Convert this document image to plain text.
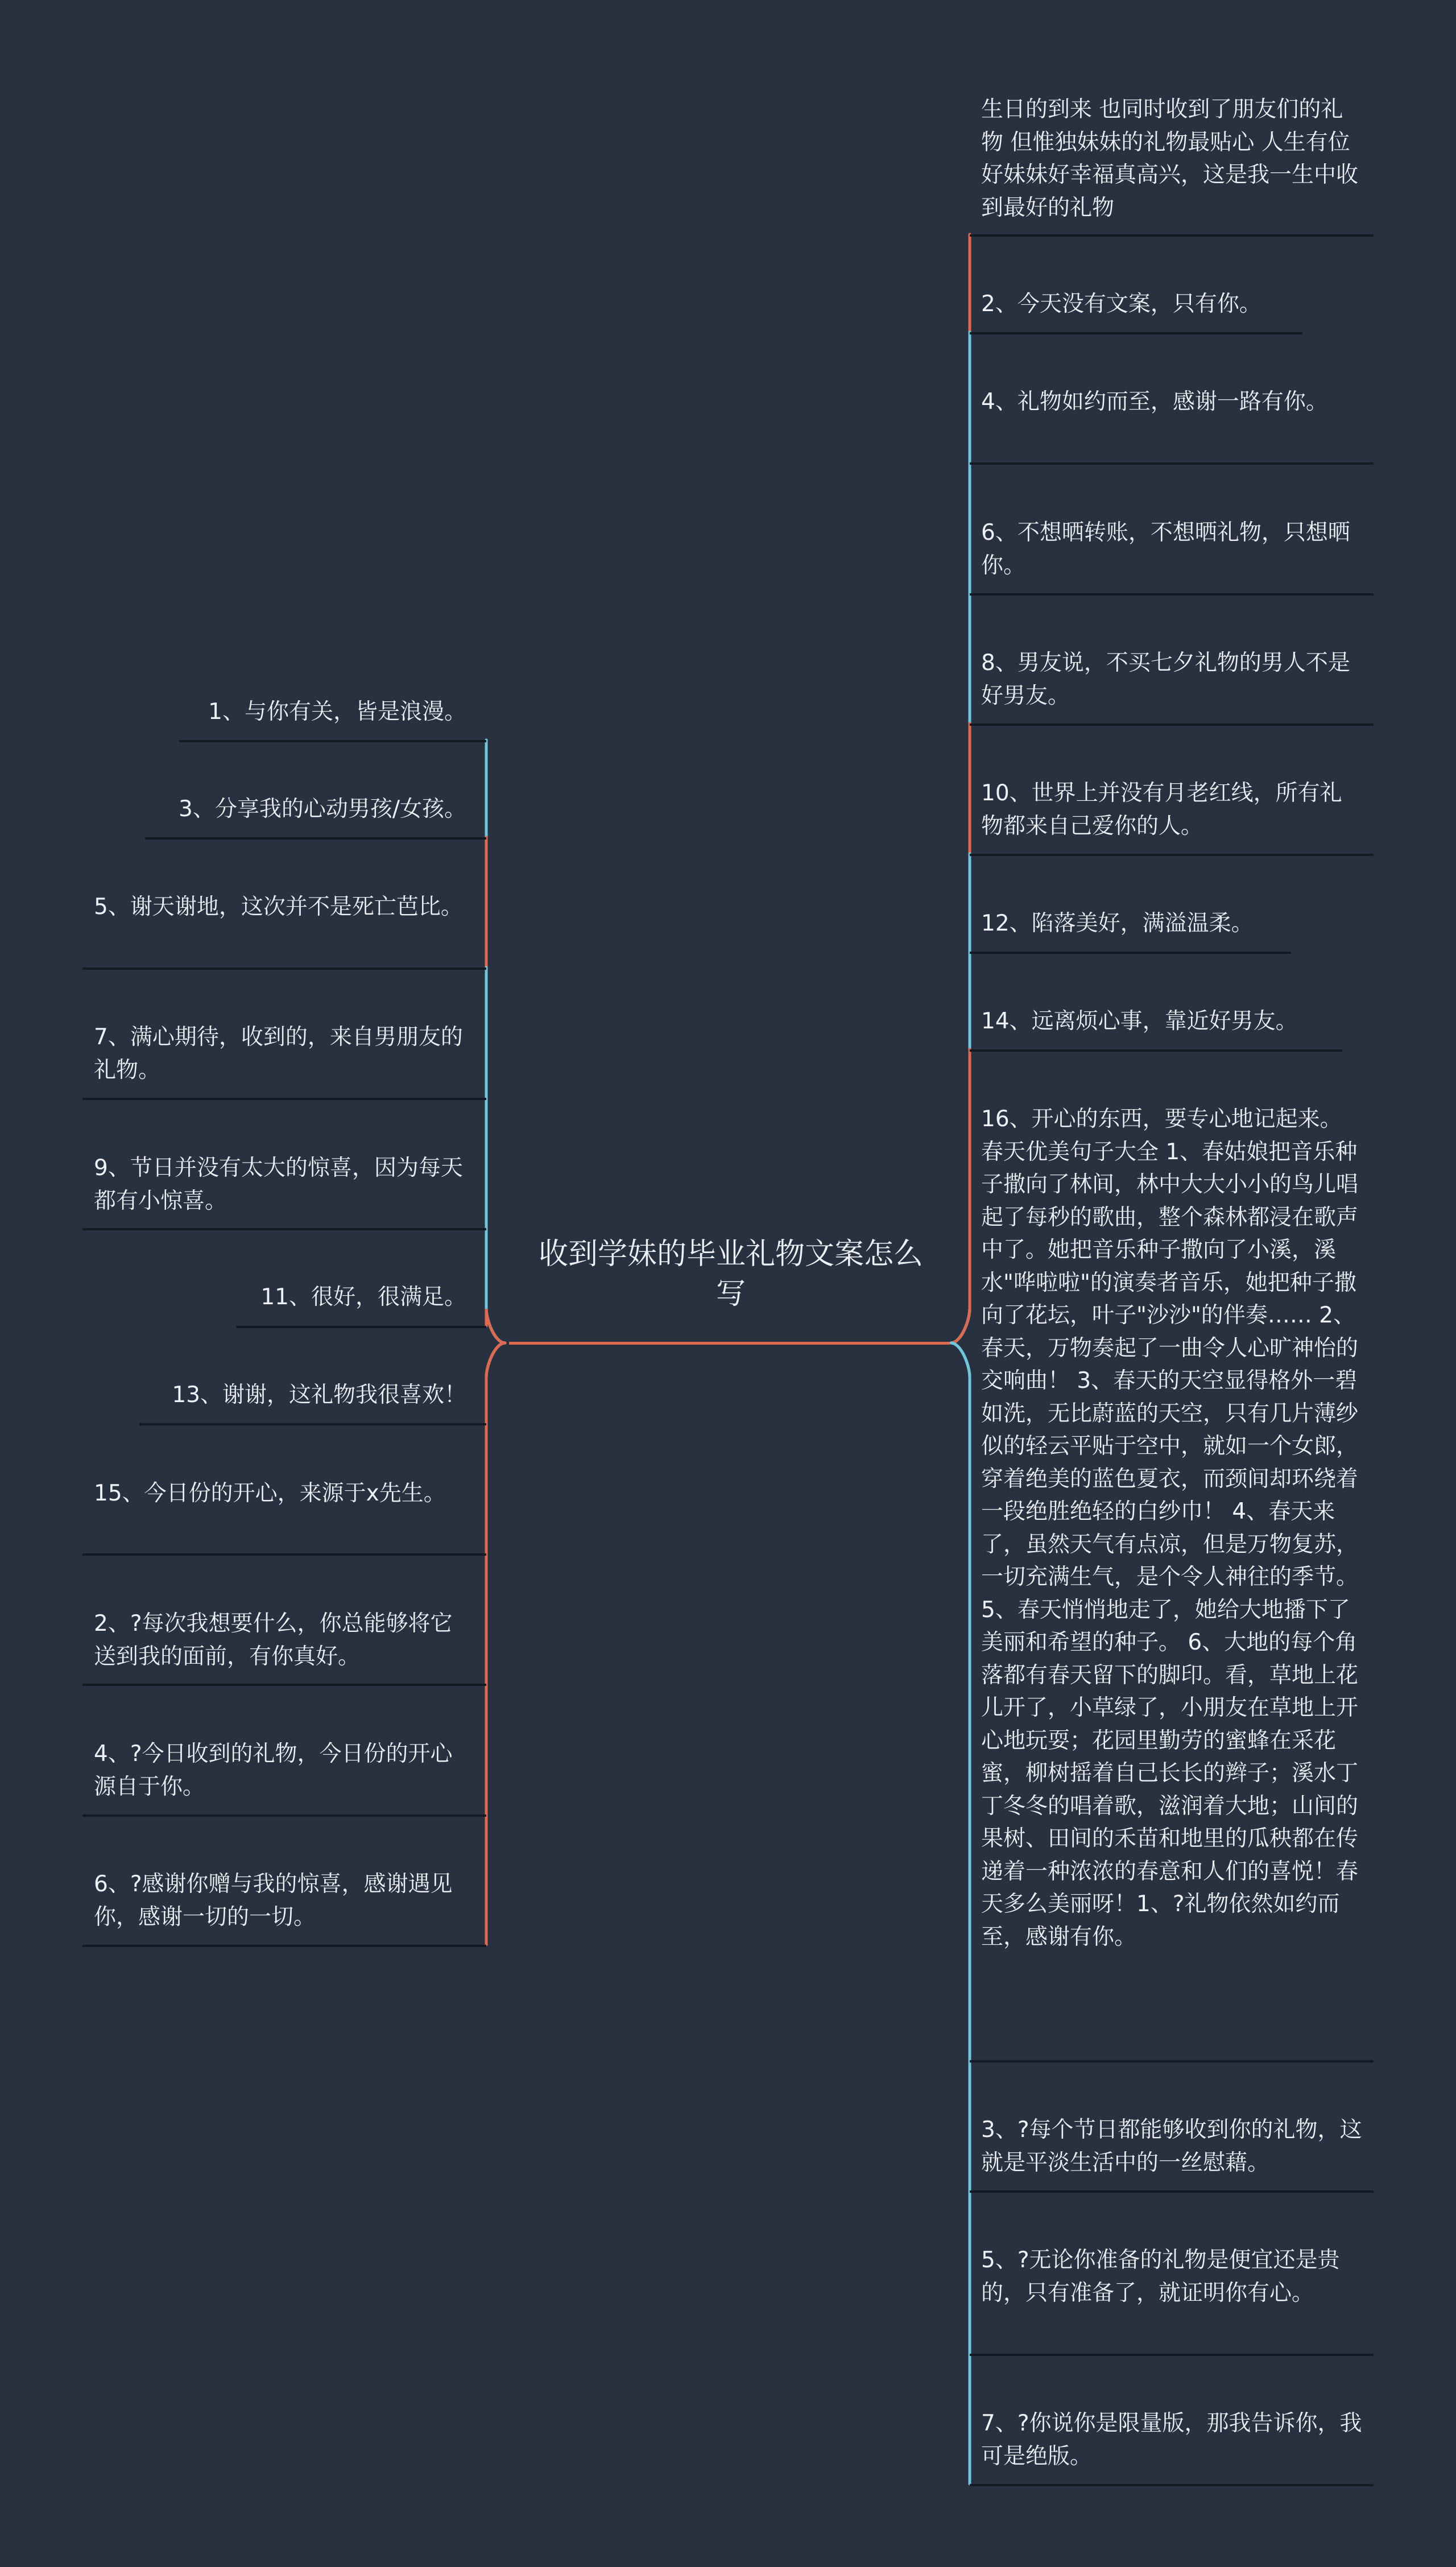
收到学妹的毕业礼物文案怎么写
1、与你有关，皆是浪漫。
3、分享我的心动男孩/女孩。
5、谢天谢地，这次并不是死亡芭比。
7、满心期待，收到的，来自男朋友的礼物。
9、节日并没有太大的惊喜，因为每天都有小惊喜。
11、很好，很满足。
13、谢谢，这礼物我很喜欢！
15、今日份的开心，来源于x先生。
2、?每次我想要什么，你总能够将它送到我的面前，有你真好。
4、?今日收到的礼物，今日份的开心源自于你。
6、?感谢你赠与我的惊喜，感谢遇见你，感谢一切的一切。
生日的到来 也同时收到了朋友们的礼物 但惟独妹妹的礼物最贴心 人生有位好妹妹好幸福真高兴，这是我一生中收到最好的礼物
2、今天没有文案，只有你。
4、礼物如约而至，感谢一路有你。
6、不想晒转账，不想晒礼物，只想晒你。
8、男友说，不买七夕礼物的男人不是好男友。
10、世界上并没有月老红线，所有礼物都来自己爱你的人。
12、陷落美好，满溢温柔。
14、远离烦心事，靠近好男友。
16、开心的东西，要专心地记起来。春天优美句子大全 1、春姑娘把音乐种子撒向了林间，林中大大小小的鸟儿唱起了每秒的歌曲，整个森林都浸在歌声中了。她把音乐种子撒向了小溪，溪水"哗啦啦"的演奏者音乐，她把种子撒向了花坛，叶子"沙沙"的伴奏…… 2、春天，万物奏起了一曲令人心旷神怡的交响曲！ 3、春天的天空显得格外一碧如洗，无比蔚蓝的天空，只有几片薄纱似的轻云平贴于空中，就如一个女郎，穿着绝美的蓝色夏衣，而颈间却环绕着一段绝胜绝轻的白纱巾！ 4、春天来了，虽然天气有点凉，但是万物复苏，一切充满生气，是个令人神往的季节。 5、春天悄悄地走了，她给大地播下了美丽和希望的种子。 6、大地的每个角落都有春天留下的脚印。看，草地上花儿开了，小草绿了，小朋友在草地上开心地玩耍；花园里勤劳的蜜蜂在采花蜜，柳树摇着自己长长的辫子；溪水丁丁冬冬的唱着歌，滋润着大地；山间的果树、田间的禾苗和地里的瓜秧都在传递着一种浓浓的春意和人们的喜悦！春天多么美丽呀！1、?礼物依然如约而至，感谢有你。
3、?每个节日都能够收到你的礼物，这就是平淡生活中的一丝慰藉。
5、?无论你准备的礼物是便宜还是贵的，只有准备了，就证明你有心。
7、?你说你是限量版，那我告诉你，我可是绝版。
